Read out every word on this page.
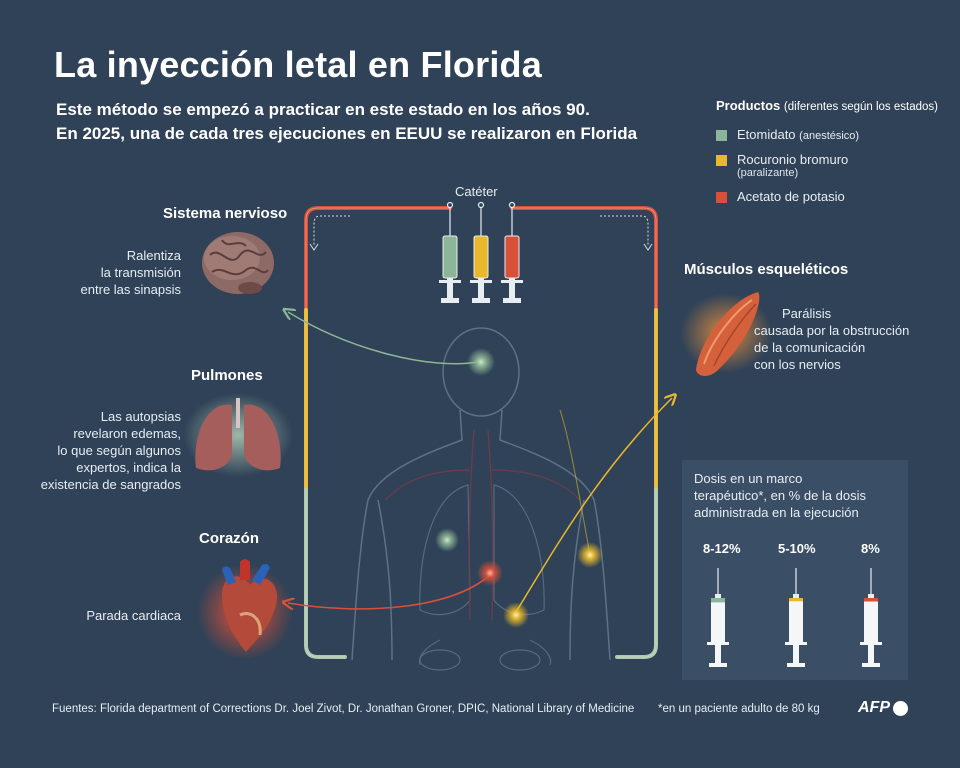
La inyección letal en Florida
Este método se empezó a practicar en este estado en los años 90.
En 2025, una de cada tres ejecuciones en EEUU se realizaron en Florida
Productos (diferentes según los estados)
Etomidato (anestésico)
Rocuronio bromuro
(paralizante)
Acetato de potasio
Catéter
Sistema nervioso
Ralentiza
la transmisión
entre las sinapsis
Pulmones
Las autopsias
revelaron edemas,
lo que según algunos
expertos, indica la
existencia de sangrados
Corazón
Parada cardiaca
Músculos esqueléticos
Parálisis
causada por la obstrucción
de la comunicación
con los nervios
Dosis en un marco
terapéutico*, en % de la dosis
administrada en la ejecución
8-12%	5-10%	8%
Fuentes: Florida department of Corrections Dr. Joel Zivot, Dr. Jonathan Groner, DPIC, National Library of Medicine *en un paciente adulto de 80 kg AFP
